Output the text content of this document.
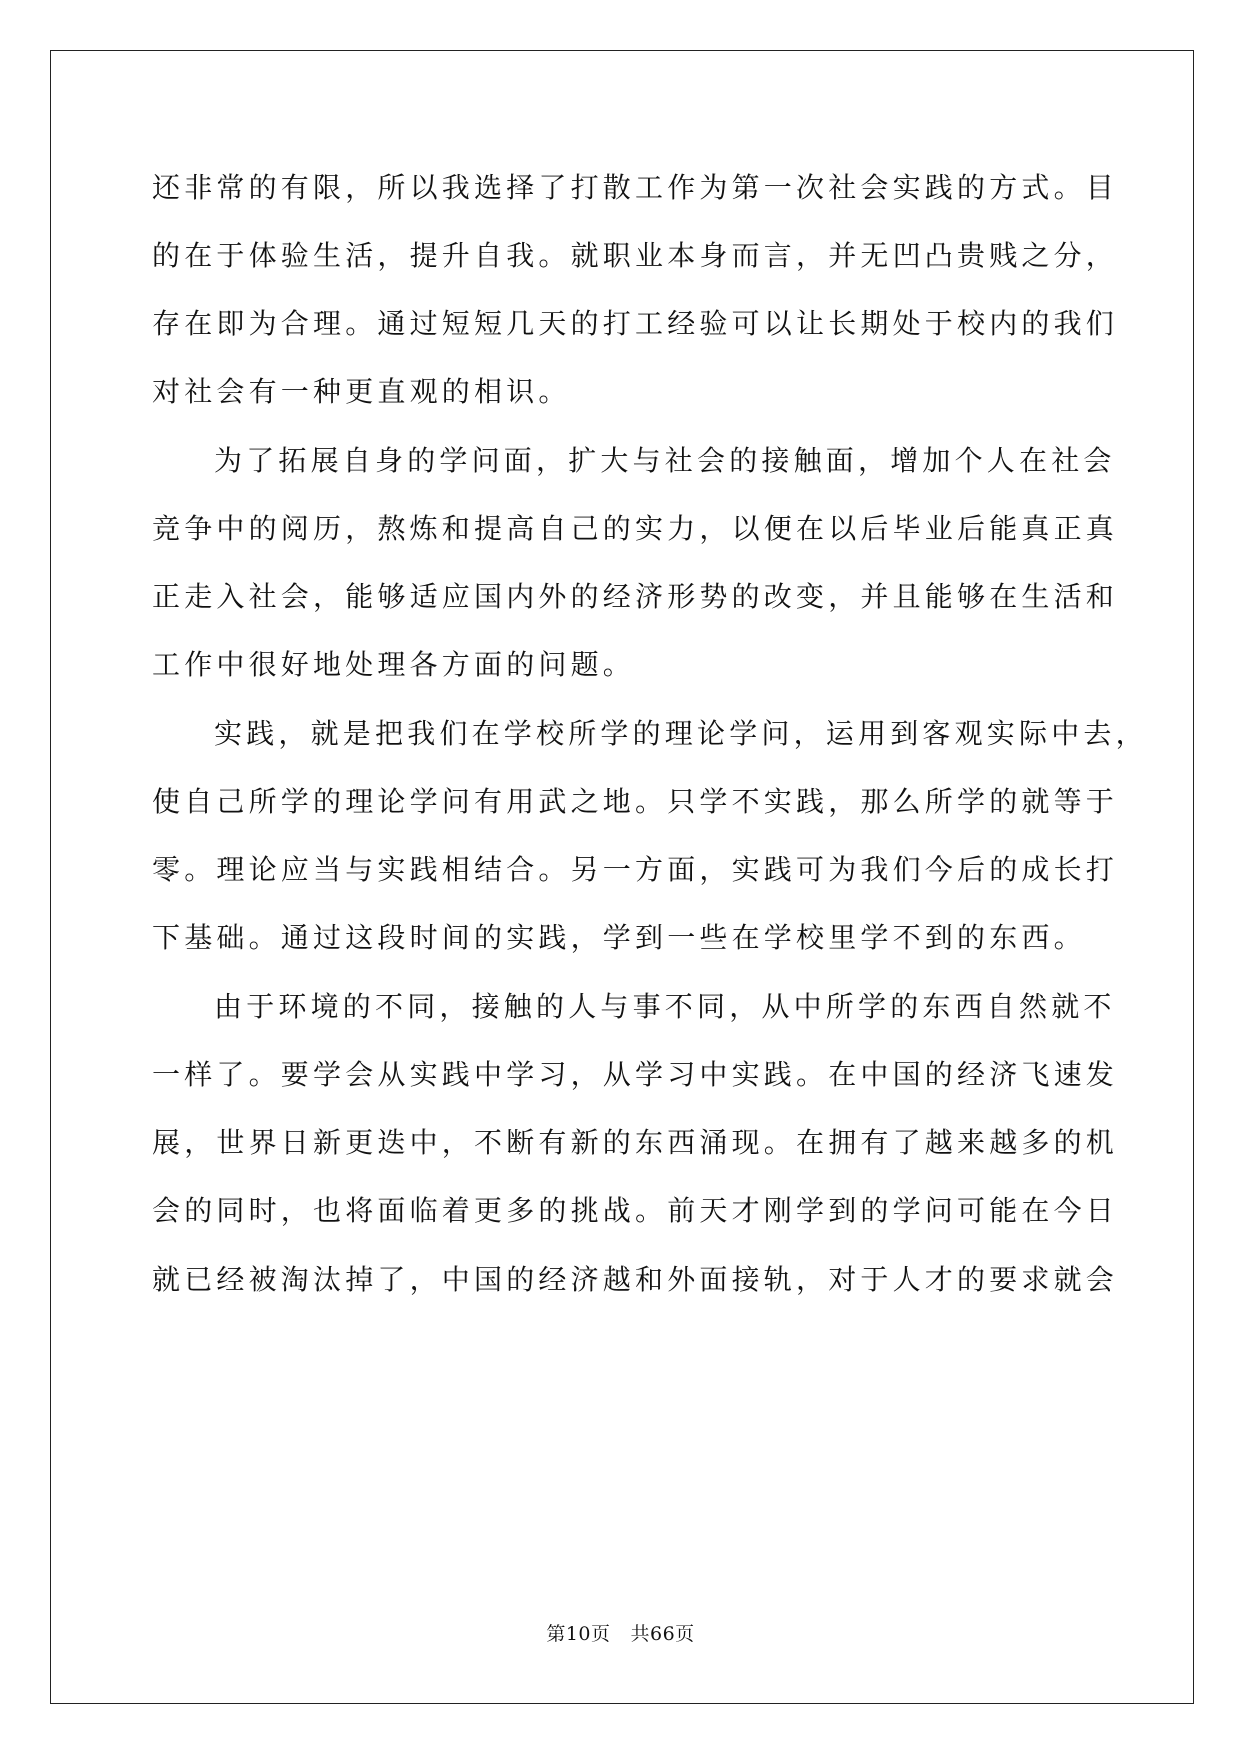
还非常的有限，所以我选择了打散工作为第一次社会实践的方式。目
的在于体验生活，提升自我。就职业本身而言，并无凹凸贵贱之分，
存在即为合理。通过短短几天的打工经验可以让长期处于校内的我们
对社会有一种更直观的相识。
为了拓展自身的学问面，扩大与社会的接触面，增加个人在社会
竞争中的阅历，熬炼和提高自己的实力，以便在以后毕业后能真正真
正走入社会，能够适应国内外的经济形势的改变，并且能够在生活和
工作中很好地处理各方面的问题。
实践，就是把我们在学校所学的理论学问，运用到客观实际中去，
使自己所学的理论学问有用武之地。只学不实践，那么所学的就等于
零。理论应当与实践相结合。另一方面，实践可为我们今后的成长打
下基础。通过这段时间的实践，学到一些在学校里学不到的东西。
由于环境的不同，接触的人与事不同，从中所学的东西自然就不
一样了。要学会从实践中学习，从学习中实践。在中国的经济飞速发
展，世界日新更迭中，不断有新的东西涌现。在拥有了越来越多的机
会的同时，也将面临着更多的挑战。前天才刚学到的学问可能在今日
就已经被淘汰掉了，中国的经济越和外面接轨，对于人才的要求就会
第10页 共66页
